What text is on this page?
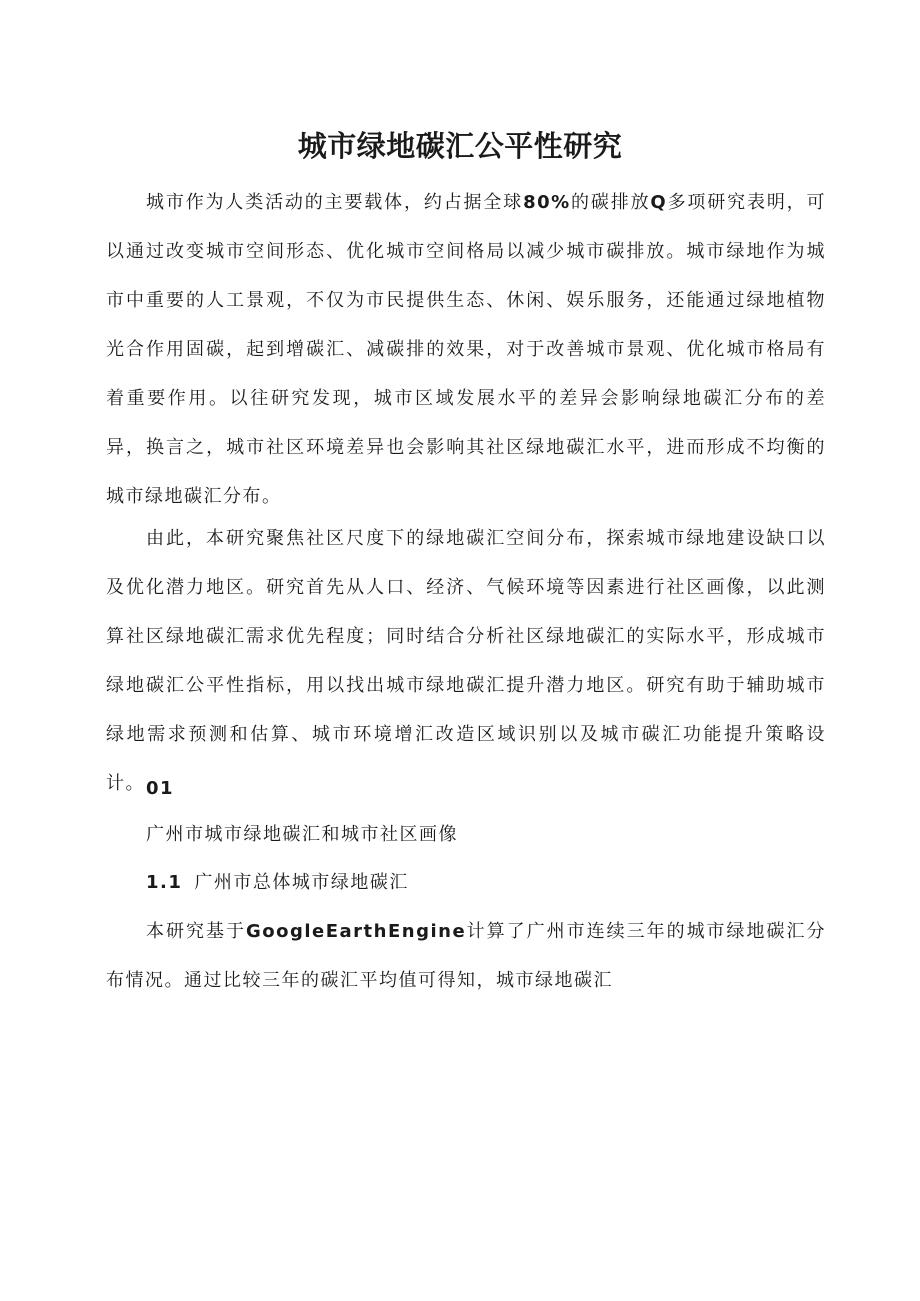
城市绿地碳汇公平性研究

城市作为人类活动的主要载体，约占据全球80%的碳排放Q多项研究表明，可以通过改变城市空间形态、优化城市空间格局以减少城市碳排放。城市绿地作为城市中重要的人工景观，不仅为市民提供生态、休闲、娱乐服务，还能通过绿地植物光合作用固碳，起到增碳汇、减碳排的效果，对于改善城市景观、优化城市格局有着重要作用。以往研究发现，城市区域发展水平的差异会影响绿地碳汇分布的差异，换言之，城市社区环境差异也会影响其社区绿地碳汇水平，进而形成不均衡的城市绿地碳汇分布。

由此，本研究聚焦社区尺度下的绿地碳汇空间分布，探索城市绿地建设缺口以及优化潜力地区。研究首先从人口、经济、气候环境等因素进行社区画像，以此测算社区绿地碳汇需求优先程度；同时结合分析社区绿地碳汇的实际水平，形成城市绿地碳汇公平性指标，用以找出城市绿地碳汇提升潜力地区。研究有助于辅助城市绿地需求预测和估算、城市环境增汇改造区域识别以及城市碳汇功能提升策略设计。 01

广州市城市绿地碳汇和城市社区画像

1.1 广州市总体城市绿地碳汇

本研究基于GoogleEarthEngine计算了广州市连续三年的城市绿地碳汇分布情况。通过比较三年的碳汇平均值可得知，城市绿地碳汇
